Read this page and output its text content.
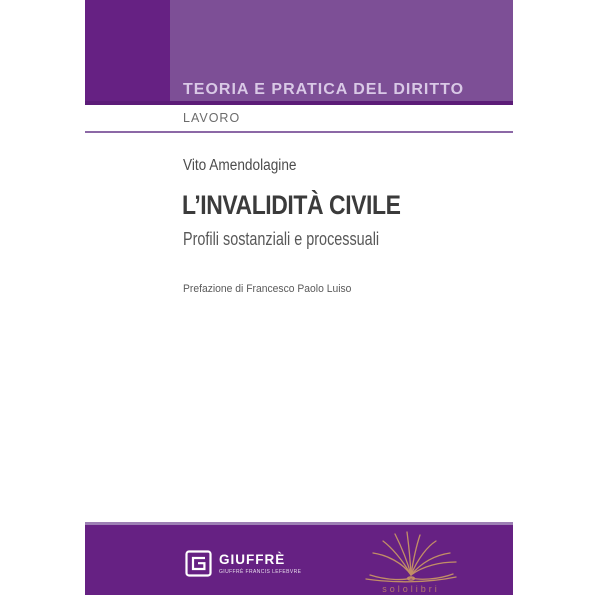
TEORIA E PRATICA DEL DIRITTO
LAVORO
Vito Amendolagine
L’INVALIDITÀ CIVILE
Profili sostanziali e processuali
Prefazione di Francesco Paolo Luiso
GIUFFRÈ
GIUFFRÈ FRANCIS LEFEBVRE
sololibri
